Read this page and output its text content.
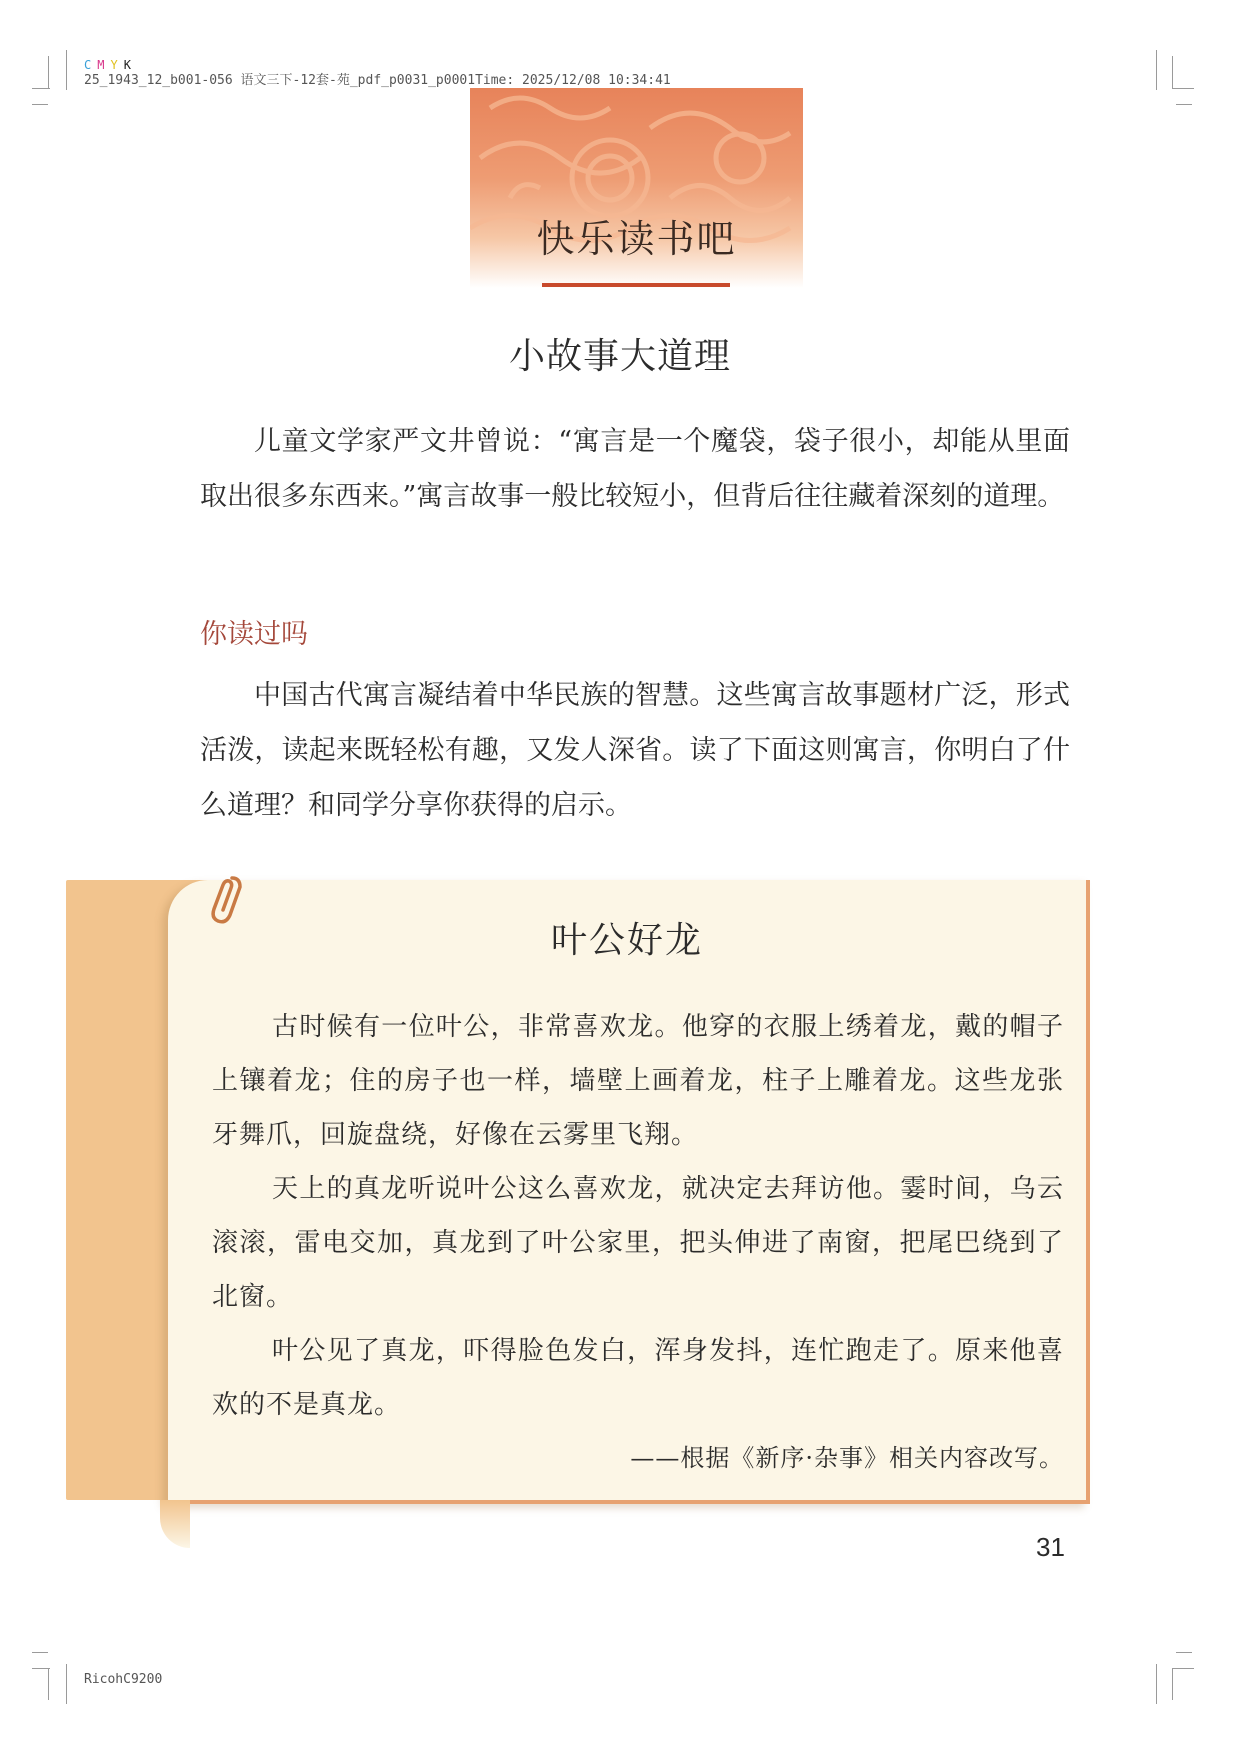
C M Y K
25_1943_12_b001-056 语文三下-12套-苑_pdf_p0031_p0001Time: 2025/12/08 10:34:41
快乐读书吧
小故事大道理
儿童文学家严文井曾说：“寓言是一个魔袋，袋子很小，却能从里面取出很多东西来。”寓言故事一般比较短小，但背后往往藏着深刻的道理。
你读过吗
中国古代寓言凝结着中华民族的智慧。这些寓言故事题材广泛，形式活泼，读起来既轻松有趣，又发人深省。读了下面这则寓言，你明白了什么道理？和同学分享你获得的启示。
叶公好龙
古时候有一位叶公，非常喜欢龙。他穿的衣服上绣着龙，戴的帽子上镶着龙；住的房子也一样，墙壁上画着龙，柱子上雕着龙。这些龙张牙舞爪，回旋盘绕，好像在云雾里飞翔。
天上的真龙听说叶公这么喜欢龙，就决定去拜访他。霎时间，乌云滚滚，雷电交加，真龙到了叶公家里，把头伸进了南窗，把尾巴绕到了北窗。
叶公见了真龙，吓得脸色发白，浑身发抖，连忙跑走了。原来他喜欢的不是真龙。
——根据《新序·杂事》相关内容改写。
31
RicohC9200
